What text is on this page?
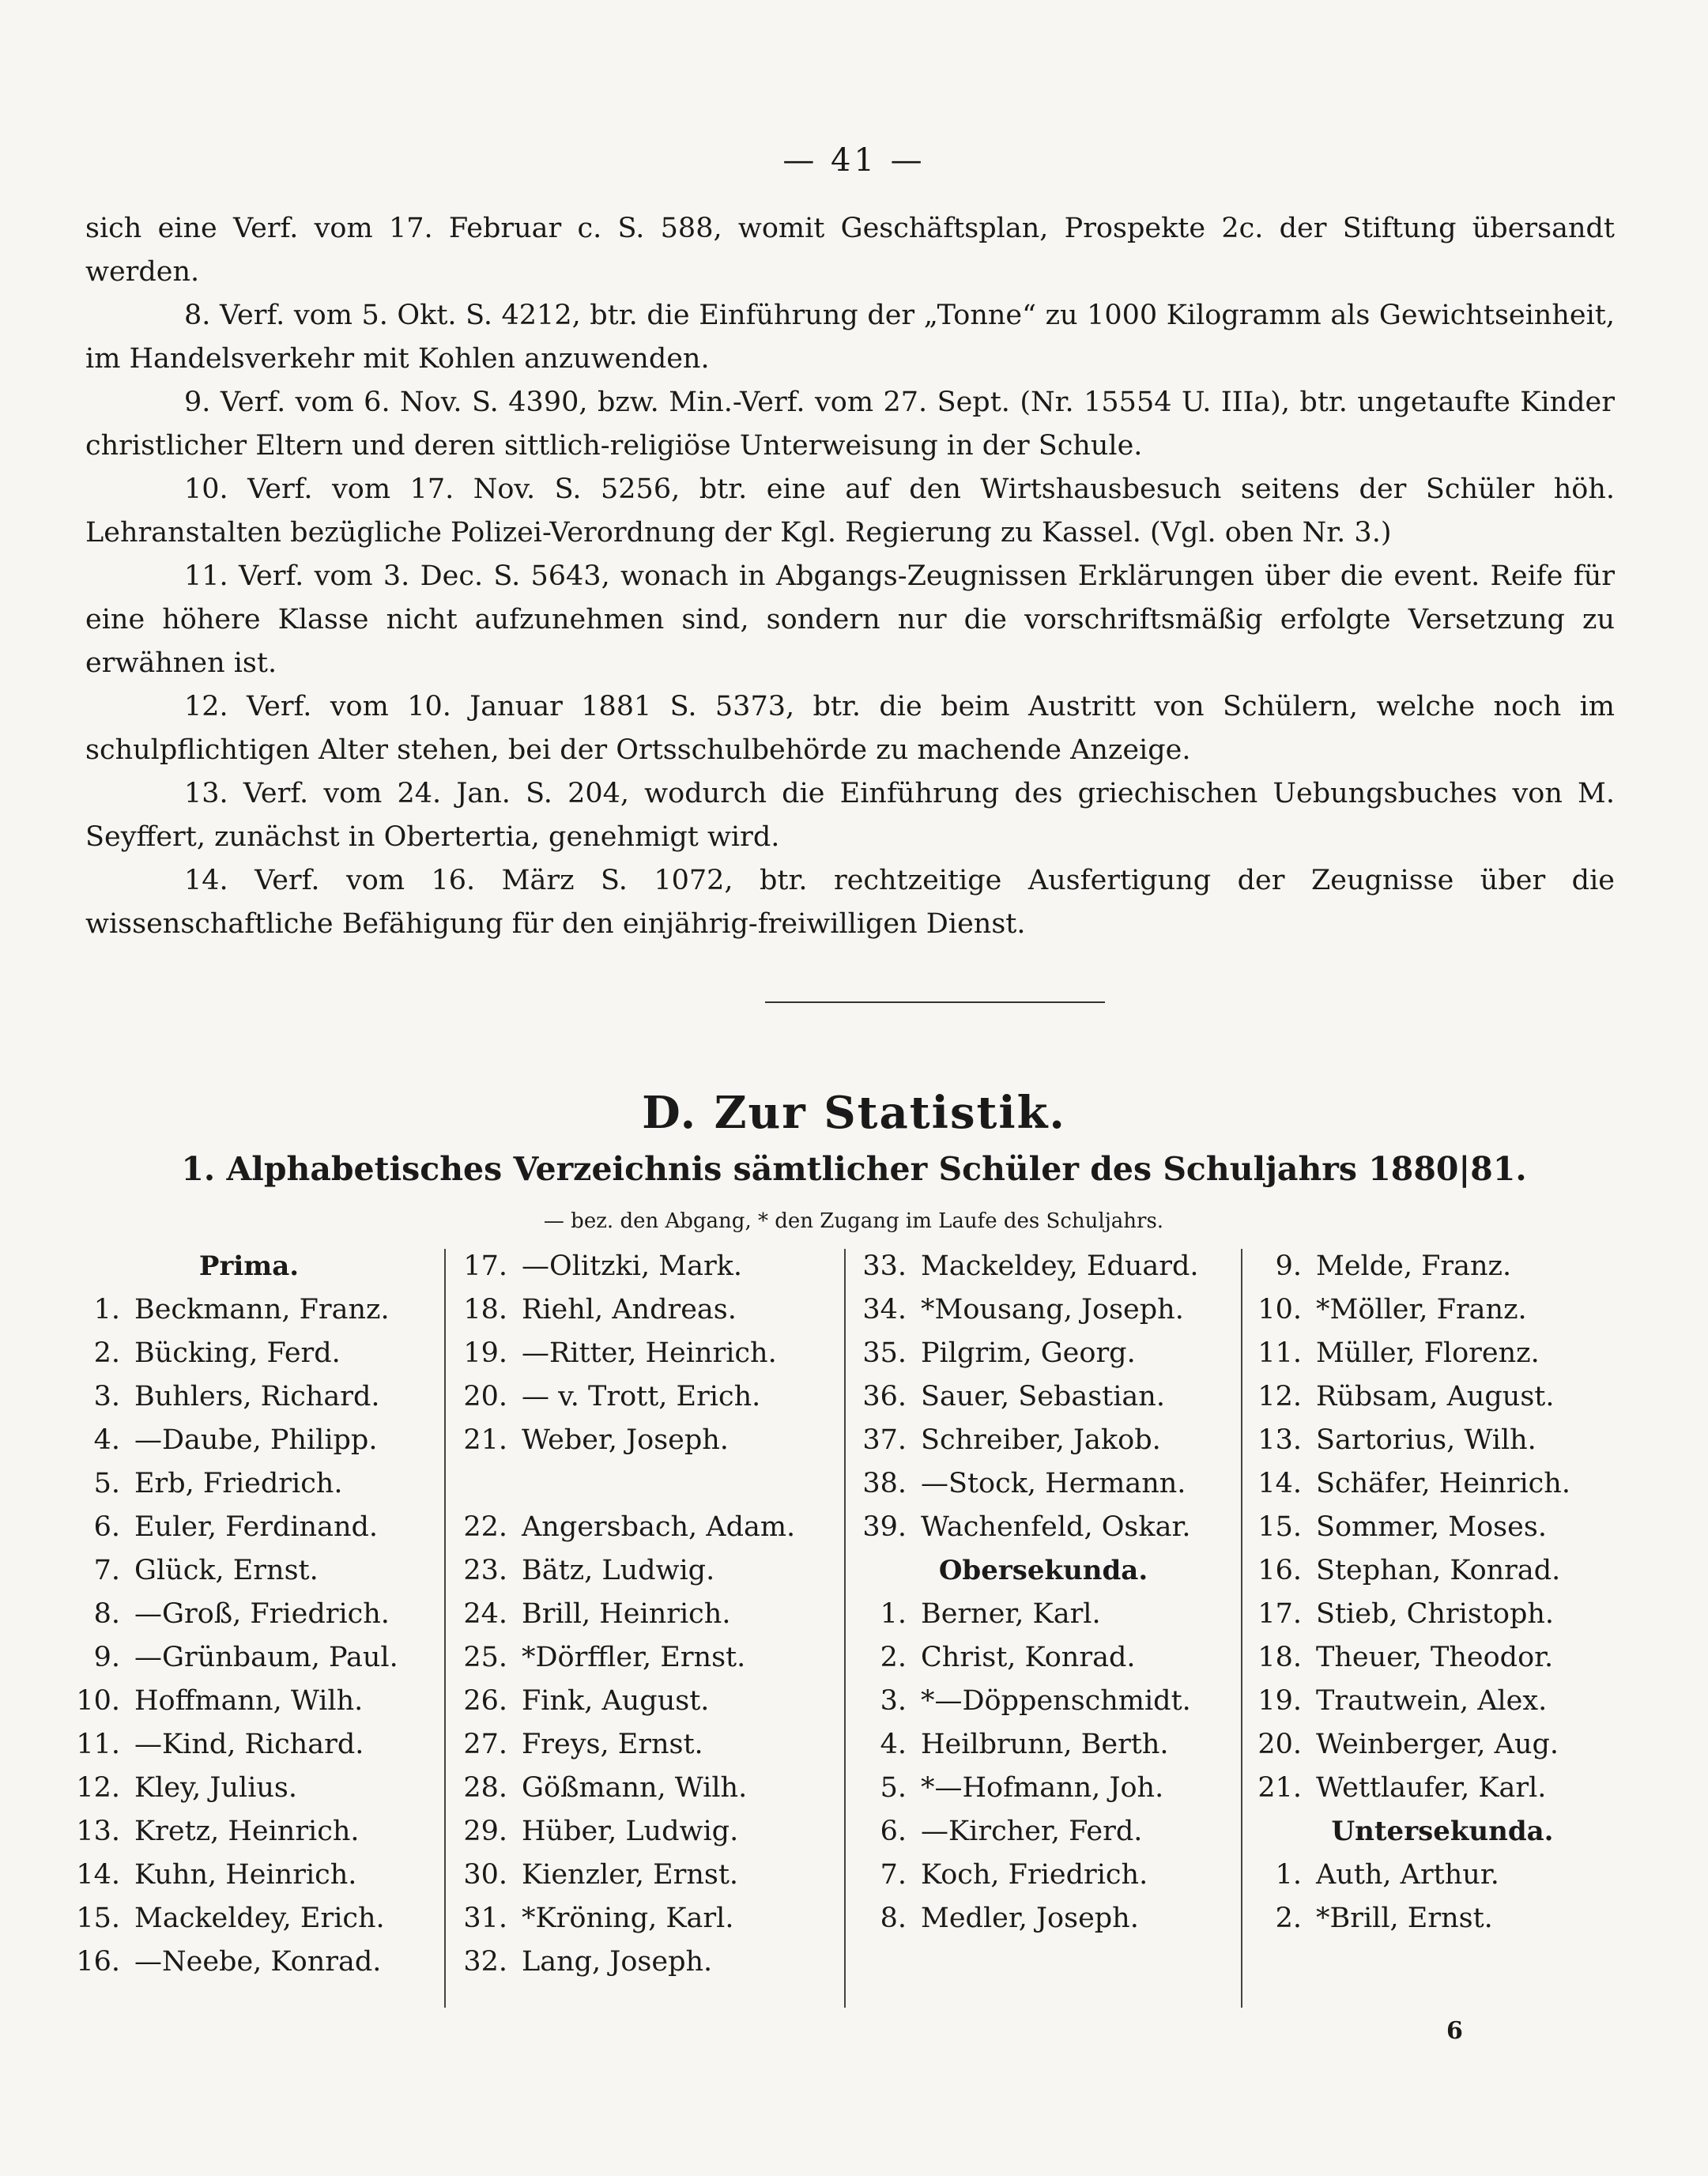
— 41 —

sich eine Verf. vom 17. Februar c. S. 588, womit Geschäftsplan, Prospekte 2c. der Stiftung übersandt werden.

8. Verf. vom 5. Okt. S. 4212, btr. die Einführung der „Tonne“ zu 1000 Kilogramm als Gewichtseinheit, im Handelsverkehr mit Kohlen anzuwenden.

9. Verf. vom 6. Nov. S. 4390, bzw. Min.-Verf. vom 27. Sept. (Nr. 15554 U. IIIa), btr. ungetaufte Kinder christlicher Eltern und deren sittlich-religiöse Unterweisung in der Schule.

10. Verf. vom 17. Nov. S. 5256, btr. eine auf den Wirtshausbesuch seitens der Schüler höh. Lehranstalten bezügliche Polizei-Verordnung der Kgl. Regierung zu Kassel. (Vgl. oben Nr. 3.)

11. Verf. vom 3. Dec. S. 5643, wonach in Abgangs-Zeugnissen Erklärungen über die event. Reife für eine höhere Klasse nicht aufzunehmen sind, sondern nur die vorschriftsmäßig erfolgte Versetzung zu erwähnen ist.

12. Verf. vom 10. Januar 1881 S. 5373, btr. die beim Austritt von Schülern, welche noch im schulpflichtigen Alter stehen, bei der Ortsschulbehörde zu machende Anzeige.

13. Verf. vom 24. Jan. S. 204, wodurch die Einführung des griechischen Uebungsbuches von M. Seyffert, zunächst in Obertertia, genehmigt wird.

14. Verf. vom 16. März S. 1072, btr. rechtzeitige Ausfertigung der Zeugnisse über die wissenschaftliche Befähigung für den einjährig-freiwilligen Dienst.

D. Zur Statistik.
1. Alphabetisches Verzeichnis sämtlicher Schüler des Schuljahrs 1880|81.
— bez. den Abgang, * den Zugang im Laufe des Schuljahrs.
Prima.
1. Beckmann, Franz.
2. Bücking, Ferd.
3. Buhlers, Richard.
4. —Daube, Philipp.
5. Erb, Friedrich.
6. Euler, Ferdinand.
7. Glück, Ernst.
8. —Groß, Friedrich.
9. —Grünbaum, Paul.
10. Hoffmann, Wilh.
11. —Kind, Richard.
12. Kley, Julius.
13. Kretz, Heinrich.
14. Kuhn, Heinrich.
15. Mackeldey, Erich.
16. —Neebe, Konrad.
17. —Olitzki, Mark.
18. Riehl, Andreas.
19. —Ritter, Heinrich.
20. — v. Trott, Erich.
21. Weber, Joseph.
22. Angersbach, Adam.
23. Bätz, Ludwig.
24. Brill, Heinrich.
25. *Dörffler, Ernst.
26. Fink, August.
27. Freys, Ernst.
28. Gößmann, Wilh.
29. Hüber, Ludwig.
30. Kienzler, Ernst.
31. *Kröning, Karl.
32. Lang, Joseph.
33. Mackeldey, Eduard.
34. *Mousang, Joseph.
35. Pilgrim, Georg.
36. Sauer, Sebastian.
37. Schreiber, Jakob.
38. —Stock, Hermann.
39. Wachenfeld, Oskar.
Obersekunda.
1. Berner, Karl.
2. Christ, Konrad.
3. *—Döppenschmidt.
4. Heilbrunn, Berth.
5. *—Hofmann, Joh.
6. —Kircher, Ferd.
7. Koch, Friedrich.
8. Medler, Joseph.
9. Melde, Franz.
10. *Möller, Franz.
11. Müller, Florenz.
12. Rübsam, August.
13. Sartorius, Wilh.
14. Schäfer, Heinrich.
15. Sommer, Moses.
16. Stephan, Konrad.
17. Stieb, Christoph.
18. Theuer, Theodor.
19. Trautwein, Alex.
20. Weinberger, Aug.
21. Wettlaufer, Karl.
Untersekunda.
1. Auth, Arthur.
2. *Brill, Ernst.
6
